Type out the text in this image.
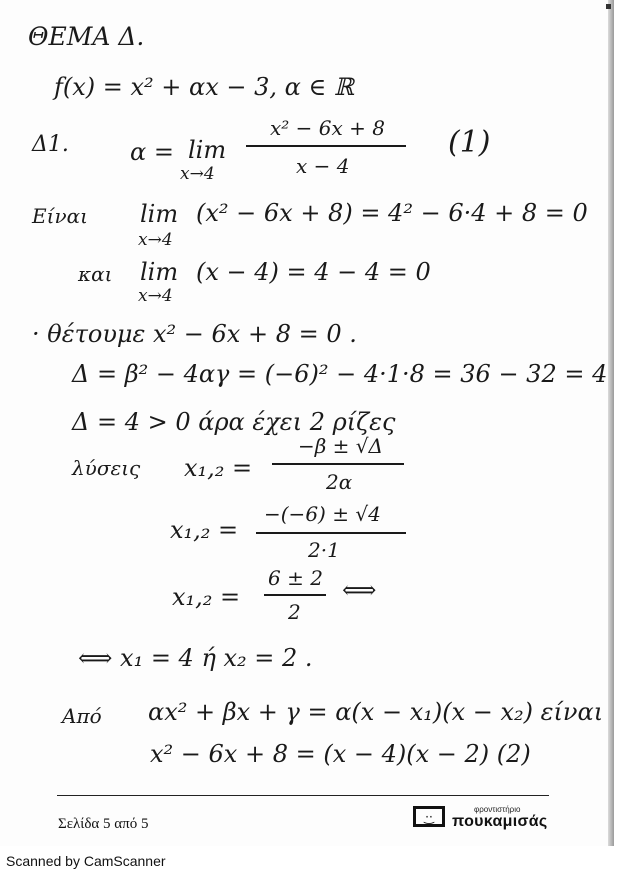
ΘΕΜΑ Δ.
f(x) = x² + αx − 3, α ∈ ℝ
Δ1.	α = lim
x→4
x² − 6x + 8
x − 4
(1)
Είναι lim
x→4
(x² − 6x + 8) = 4² − 6·4 + 8 = 0
και lim
x→4
(x − 4) = 4 − 4 = 0
· θέτουμε x² − 6x + 8 = 0 .
Δ = β² − 4αγ = (−6)² − 4·1·8 = 36 − 32 = 4
Δ = 4 > 0 άρα έχει 2 ρίζες
λύσεις x₁,₂ =
−β ± √Δ
2α
x₁,₂ =
−(−6) ± √4
2·1
x₁,₂ =
6 ± 2
2
⟺
⟺ x₁ = 4 ή x₂ = 2 .
Από αx² + βx + γ = α(x − x₁)(x − x₂) είναι
x² − 6x + 8 = (x − 4)(x − 2) (2)
Σελίδα 5 από 5	·͜·	φροντιστήριο
πουκαμισάς
Scanned by CamScanner
